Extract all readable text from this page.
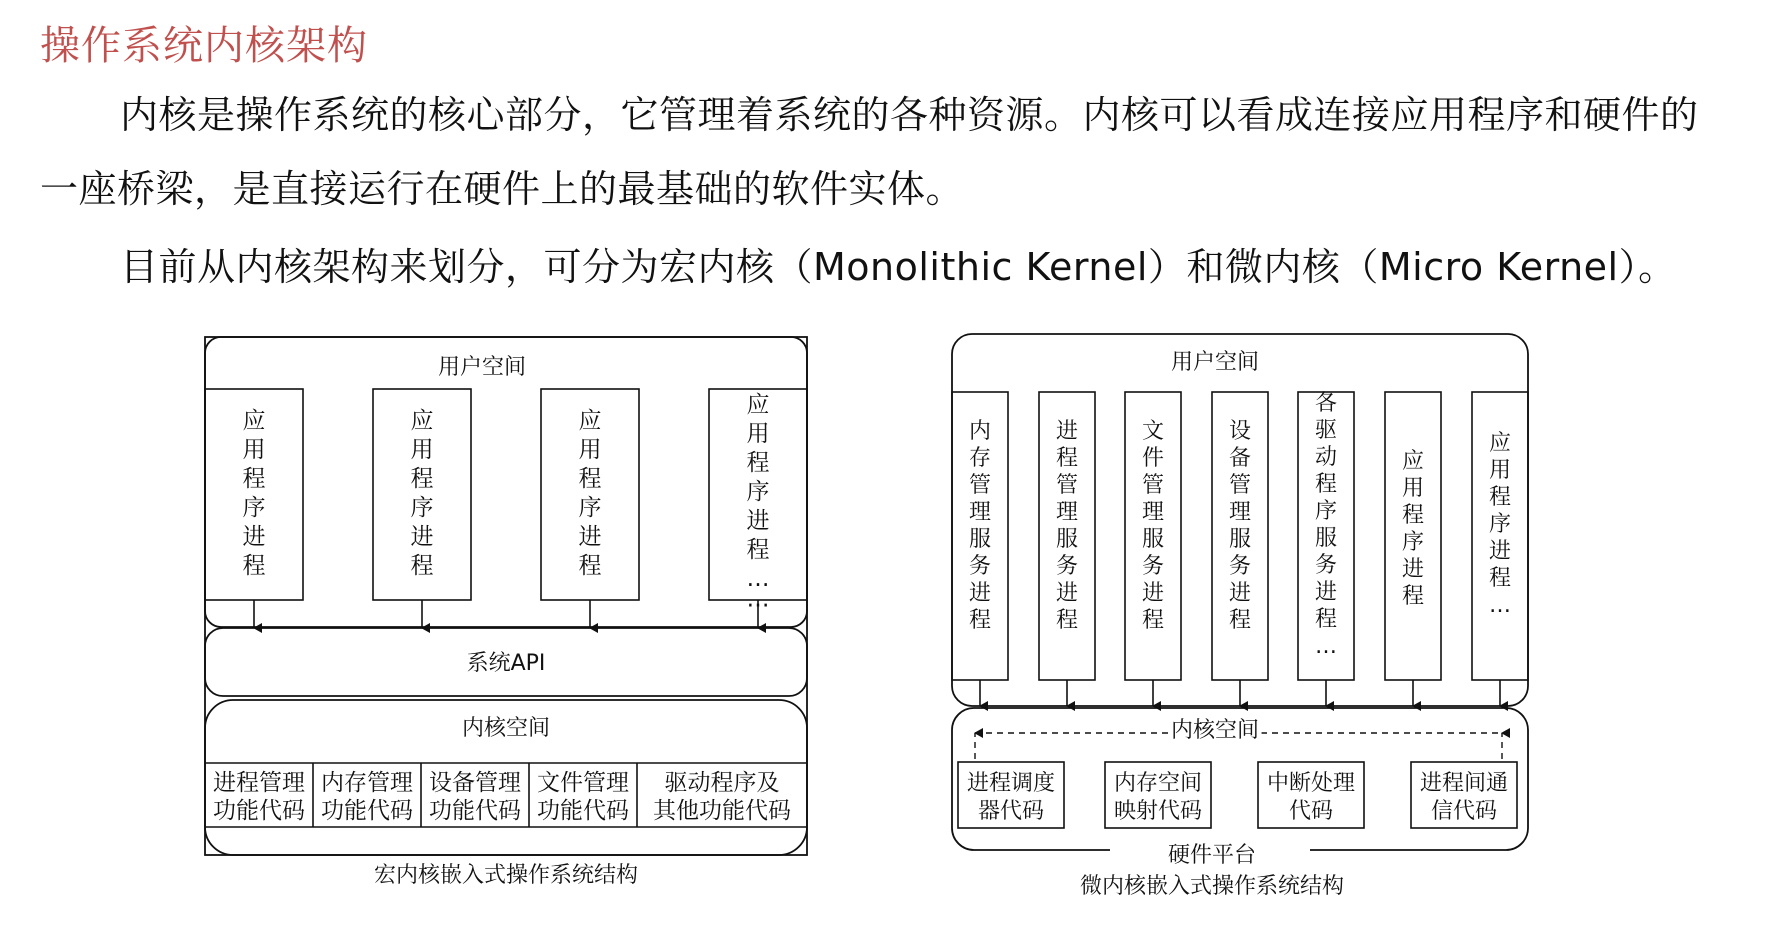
操作系统内核架构
内核是操作系统的核心部分，它管理着系统的各种资源。内核可以看成连接应用程序和硬件的
一座桥梁，是直接运行在硬件上的最基础的软件实体。
目前从内核架构来划分，可分为宏内核（Monolithic Kernel）和微内核（Micro Kernel）。
用户空间
应
用
程
序
进
程
应
用
程
序
进
程
应
用
程
序
进
程
应
用
程
序
进
程
…
…
系统API
内核空间
进程管理
功能代码
内存管理
功能代码
设备管理
功能代码
文件管理
功能代码
驱动程序及
其他功能代码
宏内核嵌入式操作系统结构
用户空间
内
存
管
理
服
务
进
程
进
程
管
理
服
务
进
程
文
件
管
理
服
务
进
程
设
备
管
理
服
务
进
程
各
驱
动
程
序
服
务
进
程
…
应
用
程
序
进
程
应
用
程
序
进
程
…
内核空间
进程调度
器代码
内存空间
映射代码
中断处理
代码
进程间通
信代码
硬件平台
微内核嵌入式操作系统结构
